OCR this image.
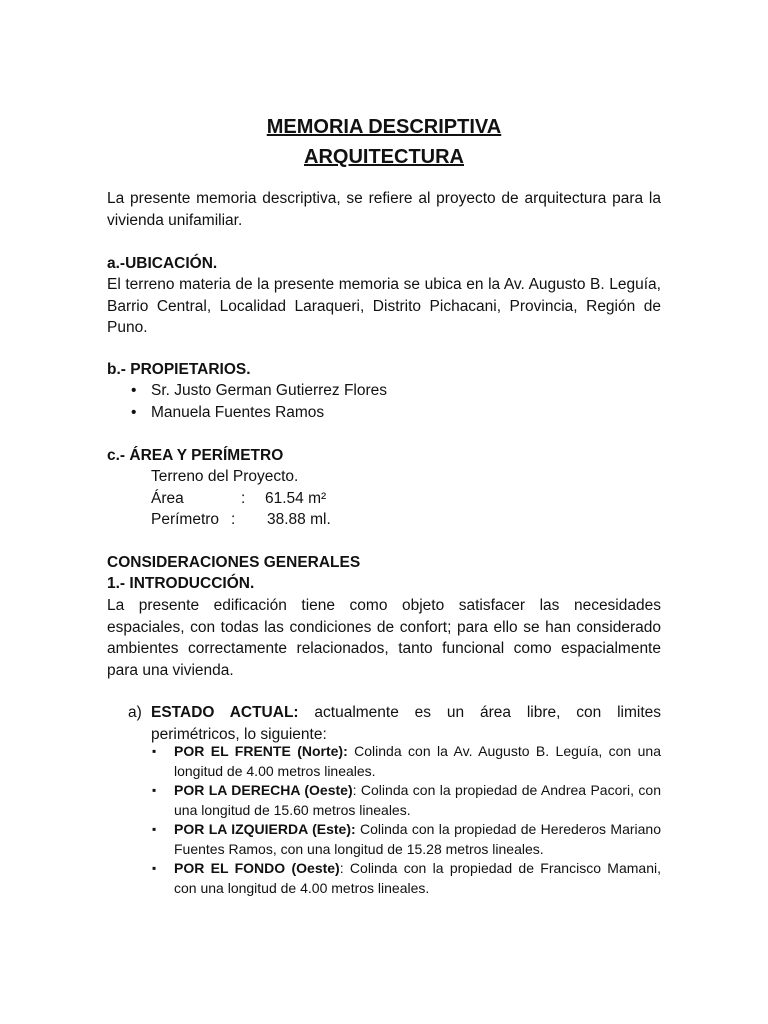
MEMORIA DESCRIPTIVA
ARQUITECTURA

La presente memoria descriptiva, se refiere al proyecto de arquitectura para la vivienda unifamiliar.

a.-UBICACIÓN.

El terreno materia de la presente memoria se ubica en la Av. Augusto B. Leguía, Barrio Central, Localidad Laraqueri, Distrito Pichacani, Provincia, Región de Puno.

b.- PROPIETARIOS.

• Sr. Justo German Gutierrez Flores
• Manuela Fuentes Ramos

c.- ÁREA Y PERÍMETRO

Terreno del Proyecto.
Área	: 61.54 m²
Perímetro : 38.88 ml.

CONSIDERACIONES GENERALES

1.- INTRODUCCIÓN.

La presente edificación tiene como objeto satisfacer las necesidades espaciales, con todas las condiciones de confort; para ello se han considerado ambientes correctamente relacionados, tanto funcional como espacialmente para una vivienda.

a) ESTADO ACTUAL: actualmente es un área libre, con limites perimétricos, lo siguiente:
▪ POR EL FRENTE (Norte): Colinda con la Av. Augusto B. Leguía, con una longitud de 4.00 metros lineales.
▪ POR LA DERECHA (Oeste): Colinda con la propiedad de Andrea Pacori, con una longitud de 15.60 metros lineales.
▪ POR LA IZQUIERDA (Este): Colinda con la propiedad de Herederos Mariano Fuentes Ramos, con una longitud de 15.28 metros lineales.
▪ POR EL FONDO (Oeste): Colinda con la propiedad de Francisco Mamani, con una longitud de 4.00 metros lineales.
